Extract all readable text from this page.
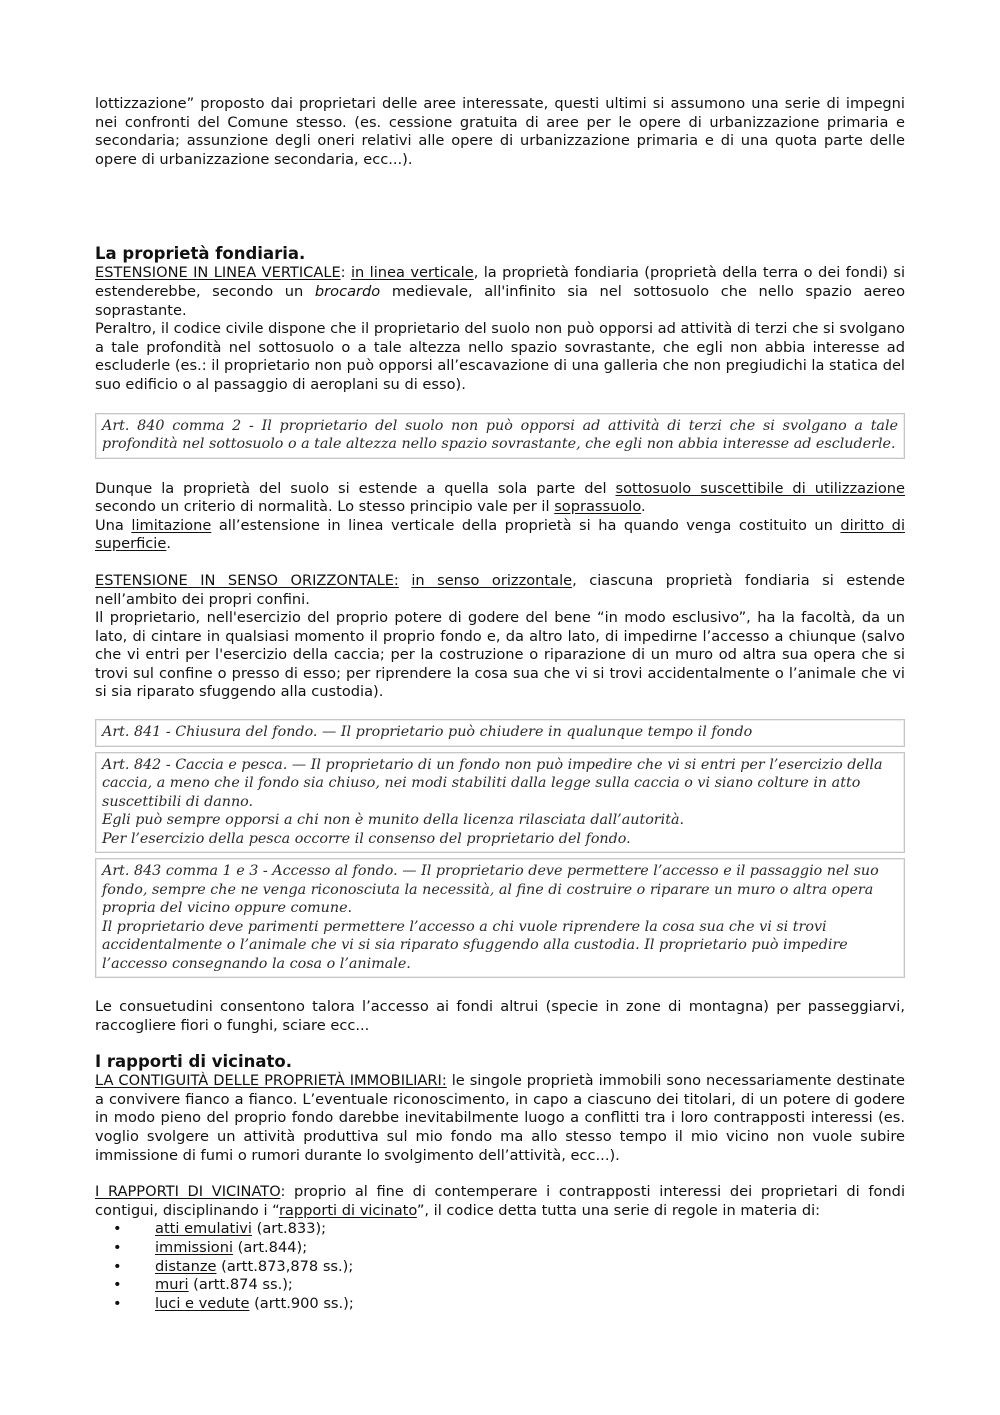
lottizzazione” proposto dai proprietari delle aree interessate, questi ultimi si assumono una serie di impegni nei confronti del Comune stesso. (es. cessione gratuita di aree per le opere di urbanizzazione primaria e secondaria; assunzione degli oneri relativi alle opere di urbanizzazione primaria e di una quota parte delle opere di urbanizzazione secondaria, ecc...).

La proprietà fondiaria.

ESTENSIONE IN LINEA VERTICALE: in linea verticale, la proprietà fondiaria (proprietà della terra o dei fondi) si estenderebbe, secondo un brocardo medievale, all'infinito sia nel sottosuolo che nello spazio aereo soprastante.

Peraltro, il codice civile dispone che il proprietario del suolo non può opporsi ad attività di terzi che si svolgano a tale profondità nel sottosuolo o a tale altezza nello spazio sovrastante, che egli non abbia interesse ad escluderle (es.: il proprietario non può opporsi all’escavazione di una galleria che non pregiudichi la statica del suo edificio o al passaggio di aeroplani su di esso).

Art. 840 comma 2 - Il proprietario del suolo non può opporsi ad attività di terzi che si svolgano a tale profondità nel sottosuolo o a tale altezza nello spazio sovrastante, che egli non abbia interesse ad escluderle.

Dunque la proprietà del suolo si estende a quella sola parte del sottosuolo suscettibile di utilizzazione secondo un criterio di normalità. Lo stesso principio vale per il soprassuolo.

Una limitazione all’estensione in linea verticale della proprietà si ha quando venga costituito un diritto di superficie.

ESTENSIONE IN SENSO ORIZZONTALE: in senso orizzontale, ciascuna proprietà fondiaria si estende nell’ambito dei propri confini.

Il proprietario, nell'esercizio del proprio potere di godere del bene “in modo esclusivo”, ha la facoltà, da un lato, di cintare in qualsiasi momento il proprio fondo e, da altro lato, di impedirne l’accesso a chiunque (salvo che vi entri per l'esercizio della caccia; per la costruzione o riparazione di un muro od altra sua opera che si trovi sul confine o presso di esso; per riprendere la cosa sua che vi si trovi accidentalmente o l’animale che vi si sia riparato sfuggendo alla custodia).

Art. 841 - Chiusura del fondo. — Il proprietario può chiudere in qualunque tempo il fondo

Art. 842 - Caccia e pesca. — Il proprietario di un fondo non può impedire che vi si entri per l’esercizio della caccia, a meno che il fondo sia chiuso, nei modi stabiliti dalla legge sulla caccia o vi siano colture in atto suscettibili di danno.

Egli può sempre opporsi a chi non è munito della licenza rilasciata dall’autorità.

Per l’esercizio della pesca occorre il consenso del proprietario del fondo.

Art. 843 comma 1 e 3 - Accesso al fondo. — Il proprietario deve permettere l’accesso e il passaggio nel suo fondo, sempre che ne venga riconosciuta la necessità, al fine di costruire o riparare un muro o altra opera propria del vicino oppure comune.

Il proprietario deve parimenti permettere l’accesso a chi vuole riprendere la cosa sua che vi si trovi accidentalmente o l’animale che vi si sia riparato sfuggendo alla custodia. Il proprietario può impedire l’accesso consegnando la cosa o l’animale.

Le consuetudini consentono talora l’accesso ai fondi altrui (specie in zone di montagna) per passeggiarvi, raccogliere fiori o funghi, sciare ecc...

I rapporti di vicinato.

LA CONTIGUITÀ DELLE PROPRIETÀ IMMOBILIARI: le singole proprietà immobili sono necessariamente destinate a convivere fianco a fianco. L’eventuale riconoscimento, in capo a ciascuno dei titolari, di un potere di godere in modo pieno del proprio fondo darebbe inevitabilmente luogo a conflitti tra i loro contrapposti interessi (es. voglio svolgere un attività produttiva sul mio fondo ma allo stesso tempo il mio vicino non vuole subire immissione di fumi o rumori durante lo svolgimento dell’attività, ecc...).

I RAPPORTI DI VICINATO: proprio al fine di contemperare i contrapposti interessi dei proprietari di fondi contigui, disciplinando i “rapporti di vicinato”, il codice detta tutta una serie di regole in materia di:

• atti emulativi (art.833);
• immissioni (art.844);
• distanze (artt.873,878 ss.);
• muri (artt.874 ss.);
• luci e vedute (artt.900 ss.);
